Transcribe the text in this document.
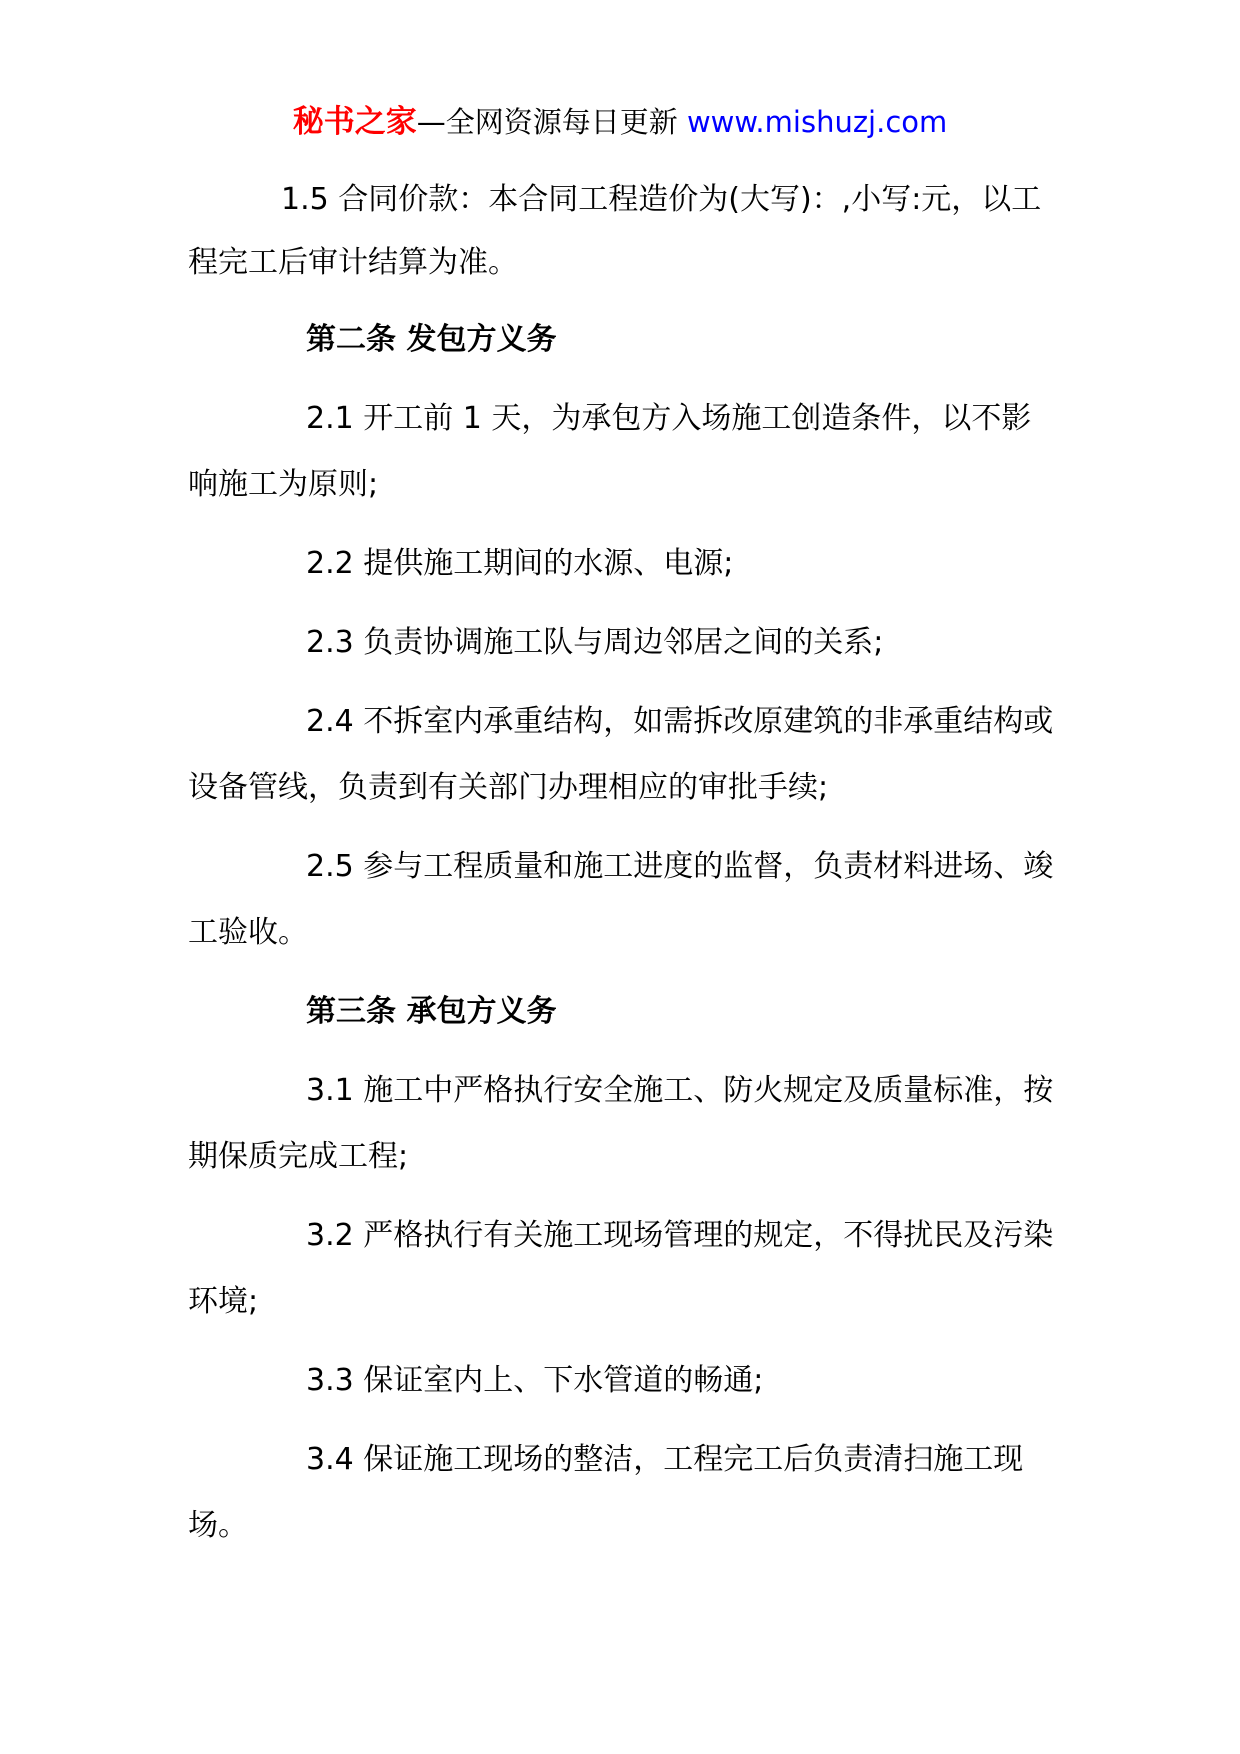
秘书之家—全网资源每日更新 www.mishuzj.com

1.5 合同价款：本合同工程造价为(大写)：,小写:元，以工程完工后审计结算为准。

第二条 发包方义务

2.1 开工前 1 天，为承包方入场施工创造条件，以不影响施工为原则;

2.2 提供施工期间的水源、电源;

2.3 负责协调施工队与周边邻居之间的关系;

2.4 不拆室内承重结构，如需拆改原建筑的非承重结构或设备管线，负责到有关部门办理相应的审批手续;

2.5 参与工程质量和施工进度的监督，负责材料进场、竣工验收。

第三条 承包方义务

3.1 施工中严格执行安全施工、防火规定及质量标准，按期保质完成工程;

3.2 严格执行有关施工现场管理的规定，不得扰民及污染环境;

3.3 保证室内上、下水管道的畅通;

3.4 保证施工现场的整洁，工程完工后负责清扫施工现场。
